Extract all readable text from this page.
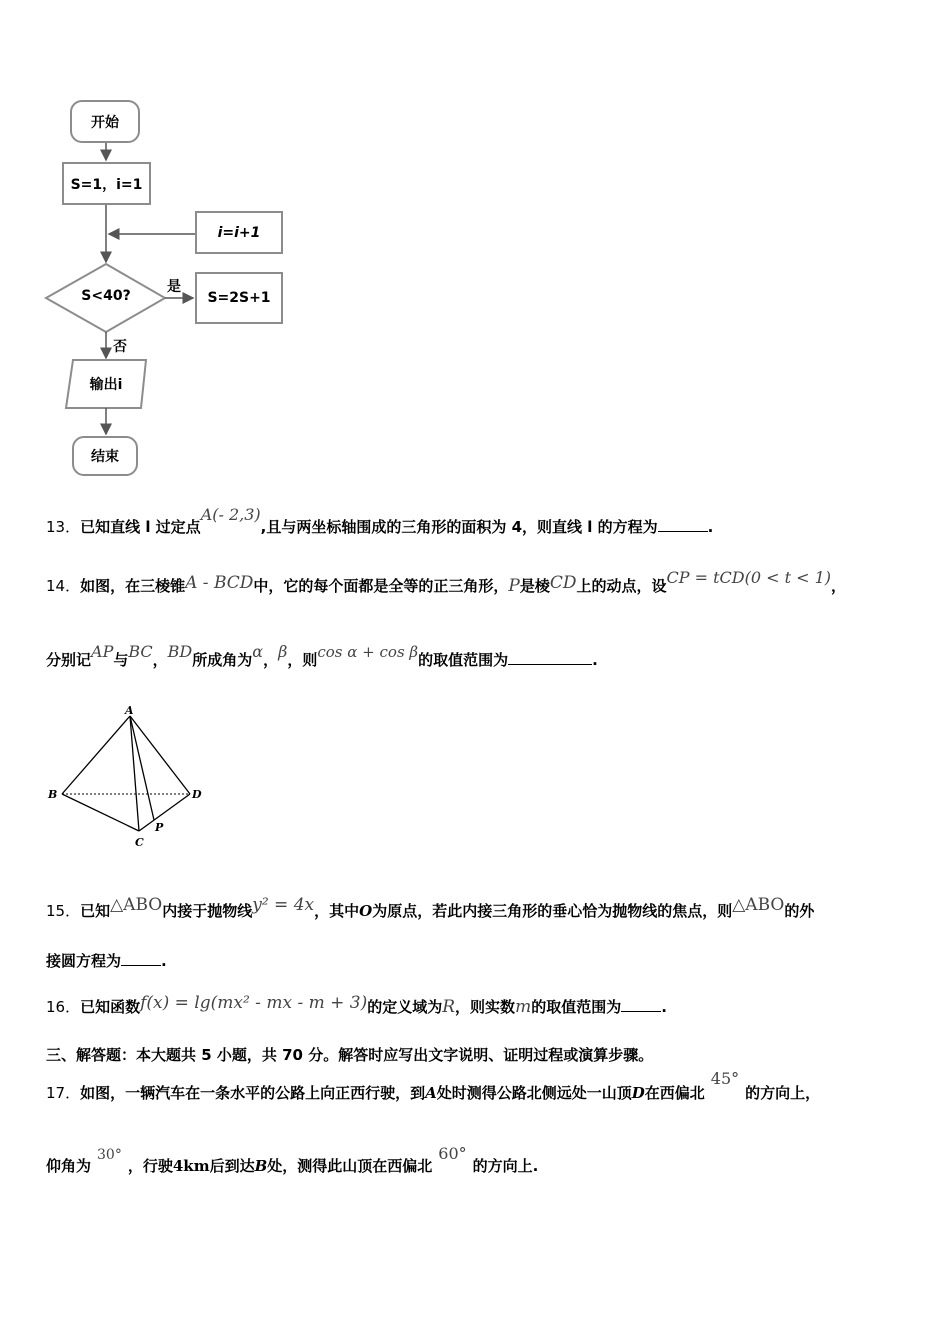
开始
S=1，i=1
i=i+1
S<40?
是
S=2S+1
否
输出i
结束
13．已知直线 l 过定点A(- 2,3),且与两坐标轴围成的三角形的面积为 4，则直线 l 的方程为	.
14．如图，在三棱锥A - BCD中，它的每个面都是全等的正三角形，P是棱CD上的动点，设CP = tCD(0 < t < 1)，
分别记AP与BC，BD所成角为α，β，则cos α + cos β的取值范围为	.
A
B
C
D
P
15．已知△ABO内接于抛物线y² = 4x，其中O为原点，若此内接三角形的垂心恰为抛物线的焦点，则△ABO的外
接圆方程为	.
16．已知函数f(x) = lg(mx² - mx - m + 3)的定义域为R，则实数m的取值范围为	.
三、解答题：本大题共 5 小题，共 70 分。解答时应写出文字说明、证明过程或演算步骤。
17．如图，一辆汽车在一条水平的公路上向正西行驶，到A处时测得公路北侧远处一山顶D在西偏北45°的方向上，
仰角为30°，行驶4km后到达B处，测得此山顶在西偏北60°的方向上.
